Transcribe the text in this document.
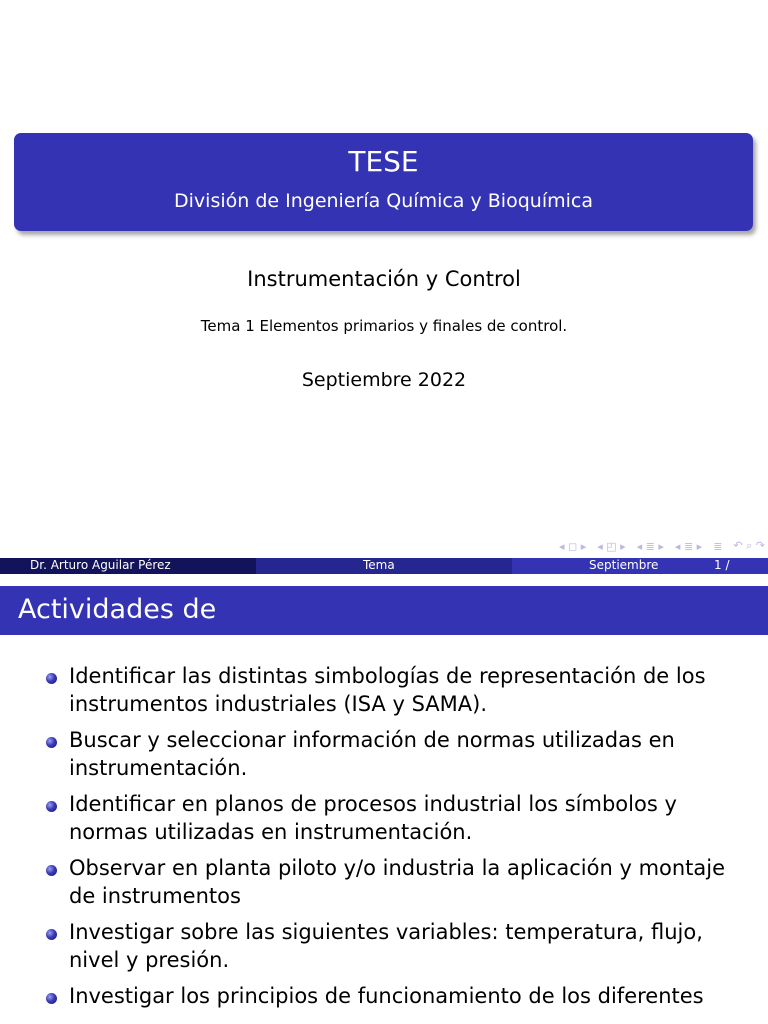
TESE
División de Ingeniería Química y Bioquímica
Instrumentación y Control
Tema 1 Elementos primarios y finales de control.
Septiembre 2022
◂ ◻ ▸ ◂ ◰ ▸ ◂ ≣ ▸ ◂ ≣ ▸ ≣ ↶ ⌕ ↷
Dr. Arturo Aguilar Pérez	Tema	Septiembre	1 /
Actividades de
Identificar las distintas simbologías de representación de los instrumentos industriales (ISA y SAMA).
Buscar y seleccionar información de normas utilizadas en instrumentación.
Identificar en planos de procesos industrial los símbolos y normas utilizadas en instrumentación.
Observar en planta piloto y/o industria la aplicación y montaje de instrumentos
Investigar sobre las siguientes variables: temperatura, flujo, nivel y presión.
Investigar los principios de funcionamiento de los diferentes
